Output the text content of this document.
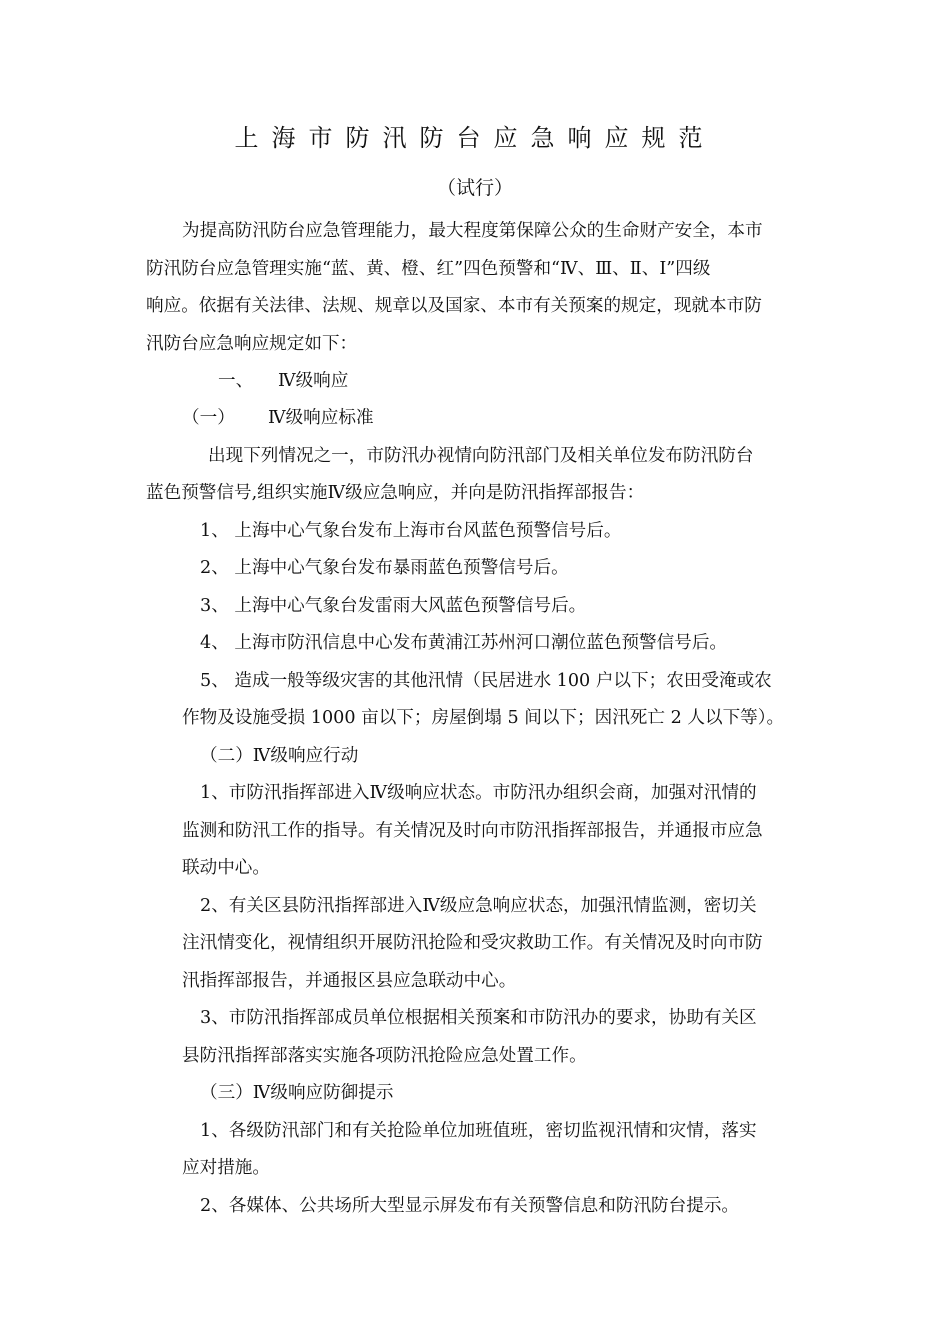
上海市防汛防台应急响应规范
（试行）
为提高防汛防台应急管理能力，最大程度第保障公众的生命财产安全，本市
防汛防台应急管理实施“蓝、黄、橙、红”四色预警和“Ⅳ、Ⅲ、Ⅱ、Ⅰ”四级
响应。依据有关法律、法规、规章以及国家、本市有关预案的规定，现就本市防
汛防台应急响应规定如下：
一、 Ⅳ级响应
（一） Ⅳ级响应标准
出现下列情况之一，市防汛办视情向防汛部门及相关单位发布防汛防台
蓝色预警信号,组织实施Ⅳ级应急响应，并向是防汛指挥部报告：
1、 上海中心气象台发布上海市台风蓝色预警信号后。
2、 上海中心气象台发布暴雨蓝色预警信号后。
3、 上海中心气象台发雷雨大风蓝色预警信号后。
4、 上海市防汛信息中心发布黄浦江苏州河口潮位蓝色预警信号后。
5、 造成一般等级灾害的其他汛情（民居进水 100 户以下；农田受淹或农
作物及设施受损 1000 亩以下；房屋倒塌 5 间以下；因汛死亡 2 人以下等）。
（二）Ⅳ级响应行动
1、市防汛指挥部进入Ⅳ级响应状态。市防汛办组织会商，加强对汛情的
监测和防汛工作的指导。有关情况及时向市防汛指挥部报告，并通报市应急
联动中心。
2、有关区县防汛指挥部进入Ⅳ级应急响应状态，加强汛情监测，密切关
注汛情变化，视情组织开展防汛抢险和受灾救助工作。有关情况及时向市防
汛指挥部报告，并通报区县应急联动中心。
3、市防汛指挥部成员单位根据相关预案和市防汛办的要求，协助有关区
县防汛指挥部落实实施各项防汛抢险应急处置工作。
（三）Ⅳ级响应防御提示
1、各级防汛部门和有关抢险单位加班值班，密切监视汛情和灾情，落实
应对措施。
2、各媒体、公共场所大型显示屏发布有关预警信息和防汛防台提示。
